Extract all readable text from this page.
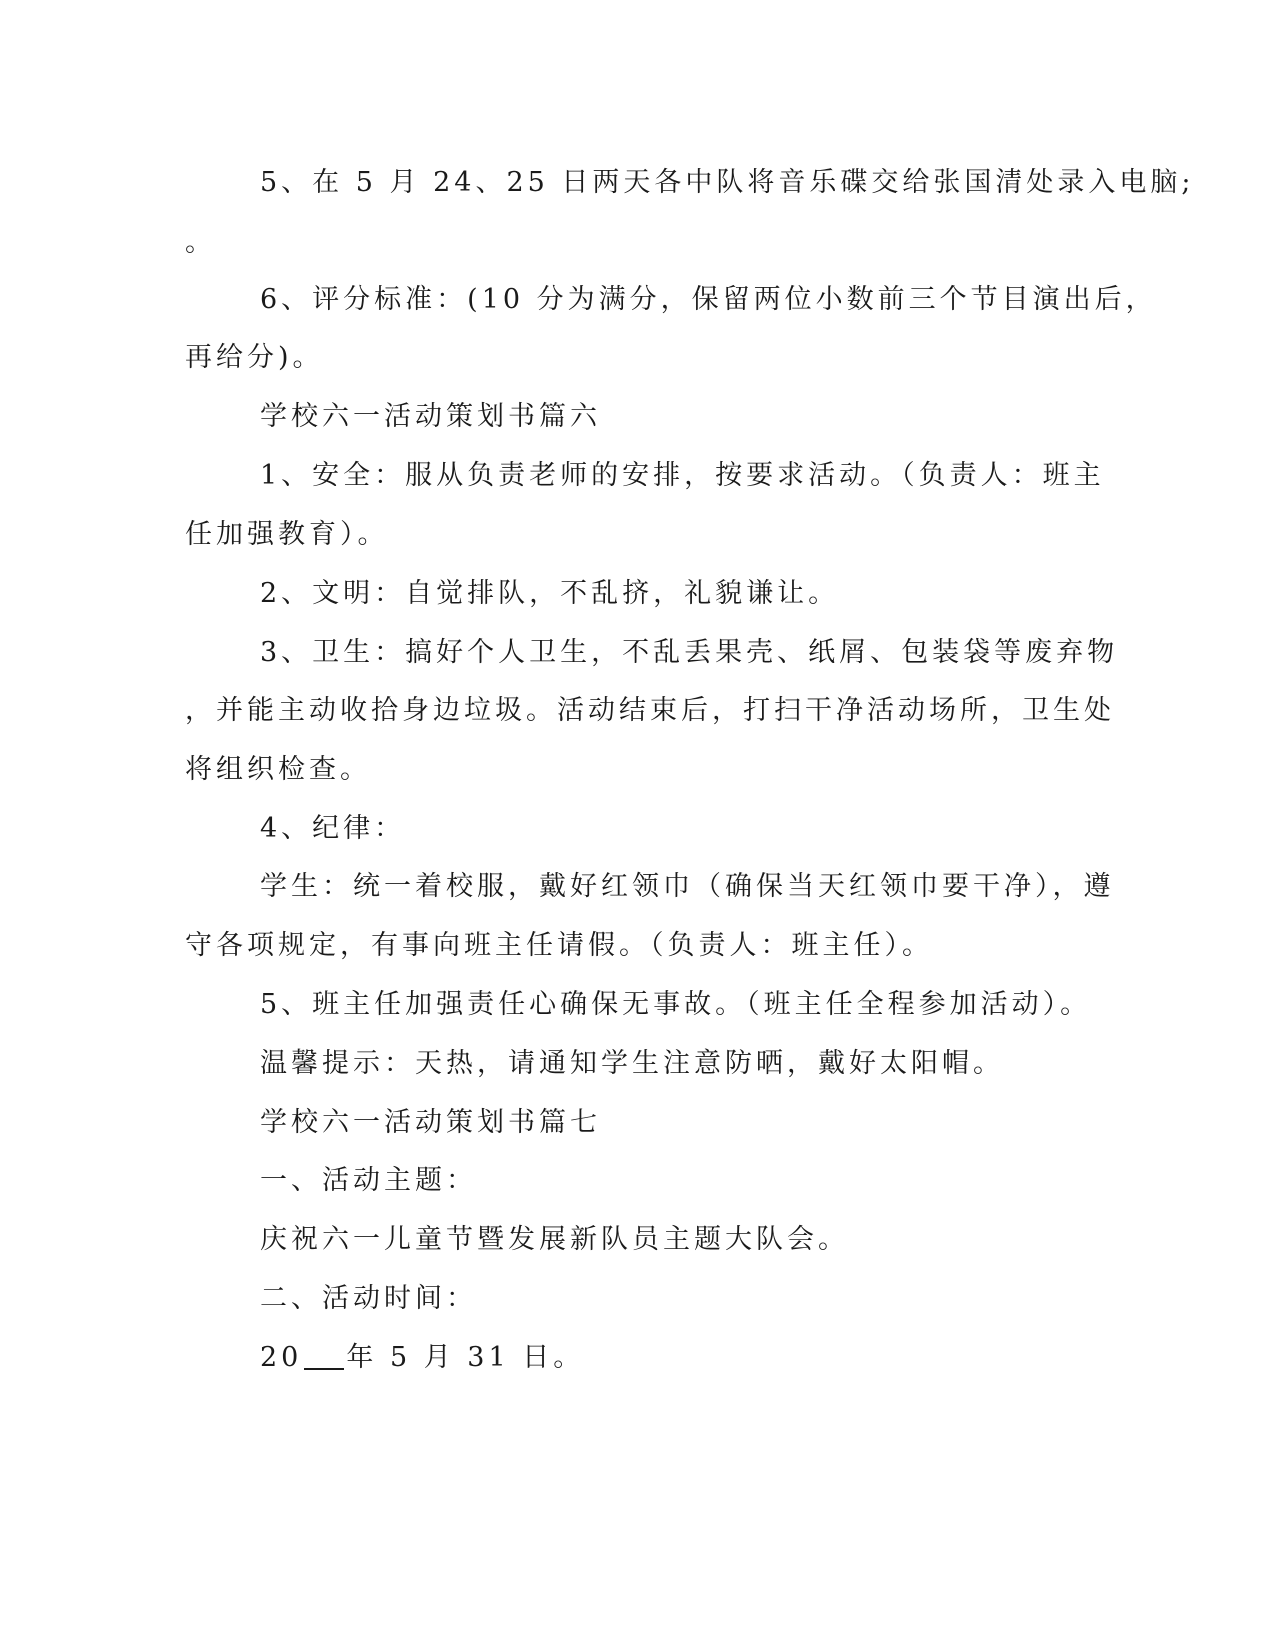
5、在 5 月 24、25 日两天各中队将音乐碟交给张国清处录入电脑;
。
6、评分标准：(10 分为满分，保留两位小数前三个节目演出后，
再给分)。
学校六一活动策划书篇六
1、安全：服从负责老师的安排，按要求活动。（负责人：班主
任加强教育）。
2、文明：自觉排队，不乱挤，礼貌谦让。
3、卫生：搞好个人卫生，不乱丢果壳、纸屑、包装袋等废弃物
，并能主动收拾身边垃圾。活动结束后，打扫干净活动场所，卫生处
将组织检查。
4、纪律：
学生：统一着校服，戴好红领巾（确保当天红领巾要干净），遵
守各项规定，有事向班主任请假。（负责人：班主任）。
5、班主任加强责任心确保无事故。（班主任全程参加活动）。
温馨提示：天热，请通知学生注意防晒，戴好太阳帽。
学校六一活动策划书篇七
一、活动主题：
庆祝六一儿童节暨发展新队员主题大队会。
二、活动时间：
20 年 5 月 31 日。
